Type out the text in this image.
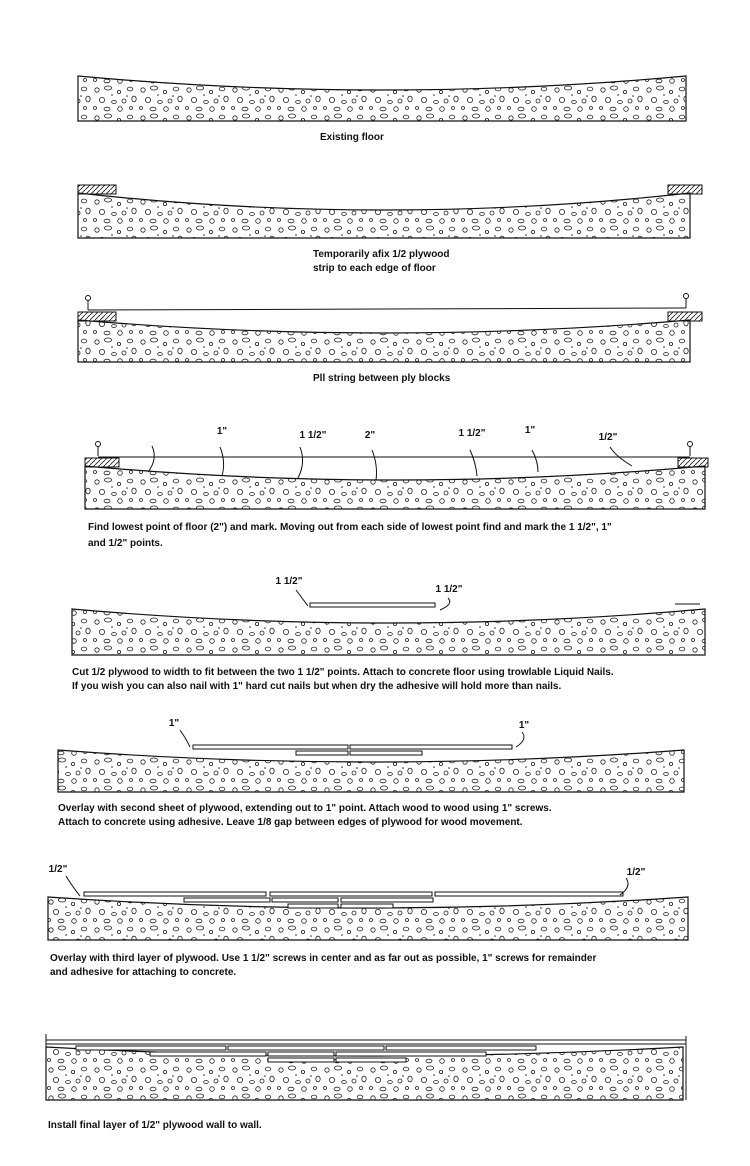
Existing floor
Temporarily afix 1/2 plywood
strip to each edge of floor
Pll string between ply blocks
1"	1 1/2"	2"	1 1/2"	1"
1/2"
Find lowest point of floor (2") and mark. Moving out from each side of lowest point find and mark the 1 1/2", 1"
and 1/2" points.
1 1/2"
1 1/2"
Cut 1/2 plywood to width to fit between the two 1 1/2" points. Attach to concrete floor using trowlable Liquid Nails.
If you wish you can also nail with 1" hard cut nails but when dry the adhesive will hold more than nails.
1"	1"
Overlay with second sheet of plywood, extending out to 1" point. Attach wood to wood using 1" screws.
Attach to concrete using adhesive. Leave 1/8 gap between edges of plywood for wood movement.
1/2"	1/2"
Overlay with third layer of plywood. Use 1 1/2" screws in center and as far out as possible, 1" screws for remainder
and adhesive for attaching to concrete.
Install final layer of 1/2" plywood wall to wall.
